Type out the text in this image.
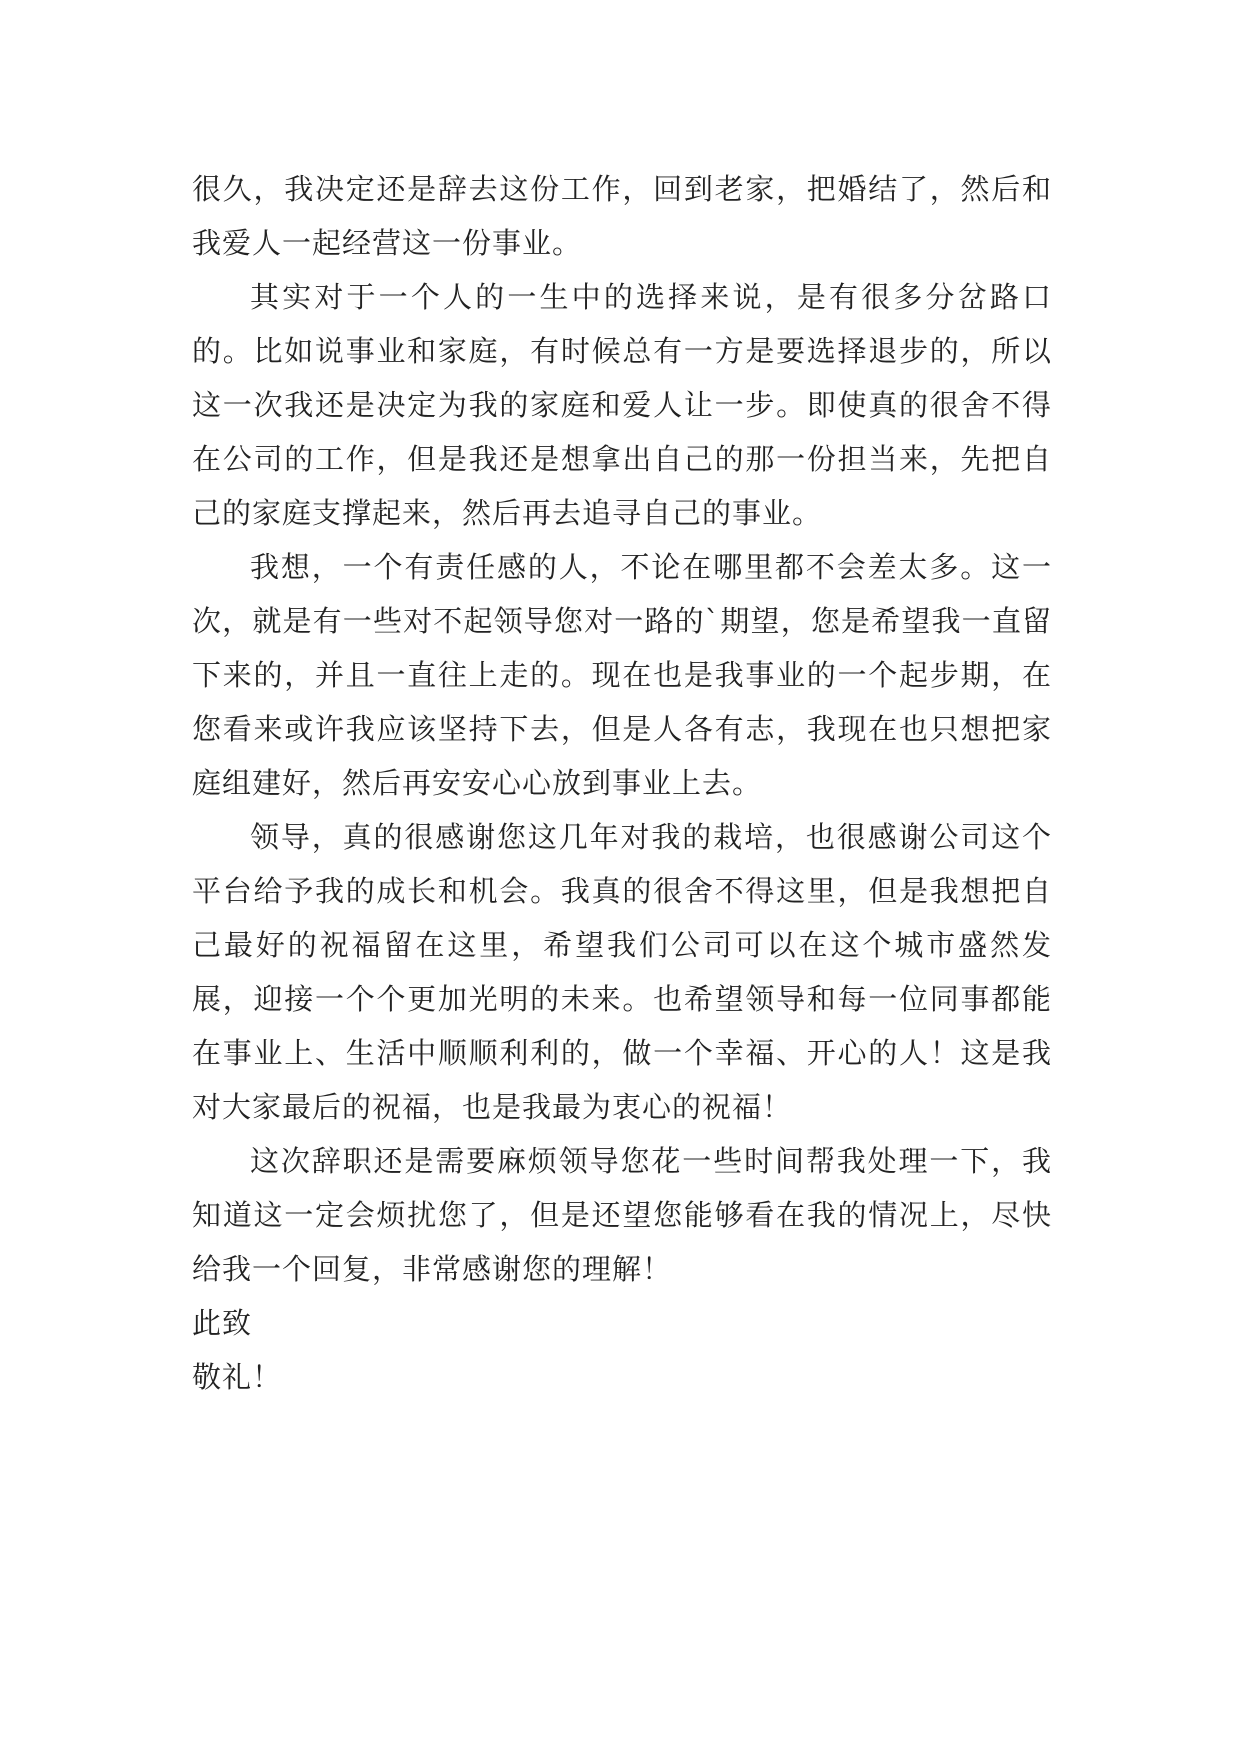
很久，我决定还是辞去这份工作，回到老家，把婚结了，然后和我爱人一起经营这一份事业。

其实对于一个人的一生中的选择来说，是有很多分岔路口的。比如说事业和家庭，有时候总有一方是要选择退步的，所以这一次我还是决定为我的家庭和爱人让一步。即使真的很舍不得在公司的工作，但是我还是想拿出自己的那一份担当来，先把自己的家庭支撑起来，然后再去追寻自己的事业。

我想，一个有责任感的人，不论在哪里都不会差太多。这一次，就是有一些对不起领导您对一路的`期望，您是希望我一直留下来的，并且一直往上走的。现在也是我事业的一个起步期，在您看来或许我应该坚持下去，但是人各有志，我现在也只想把家庭组建好，然后再安安心心放到事业上去。

领导，真的很感谢您这几年对我的栽培，也很感谢公司这个平台给予我的成长和机会。我真的很舍不得这里，但是我想把自己最好的祝福留在这里，希望我们公司可以在这个城市盛然发展，迎接一个个更加光明的未来。也希望领导和每一位同事都能在事业上、生活中顺顺利利的，做一个幸福、开心的人！这是我对大家最后的祝福，也是我最为衷心的祝福！

这次辞职还是需要麻烦领导您花一些时间帮我处理一下，我知道这一定会烦扰您了，但是还望您能够看在我的情况上，尽快给我一个回复，非常感谢您的理解！

此致

敬礼！
